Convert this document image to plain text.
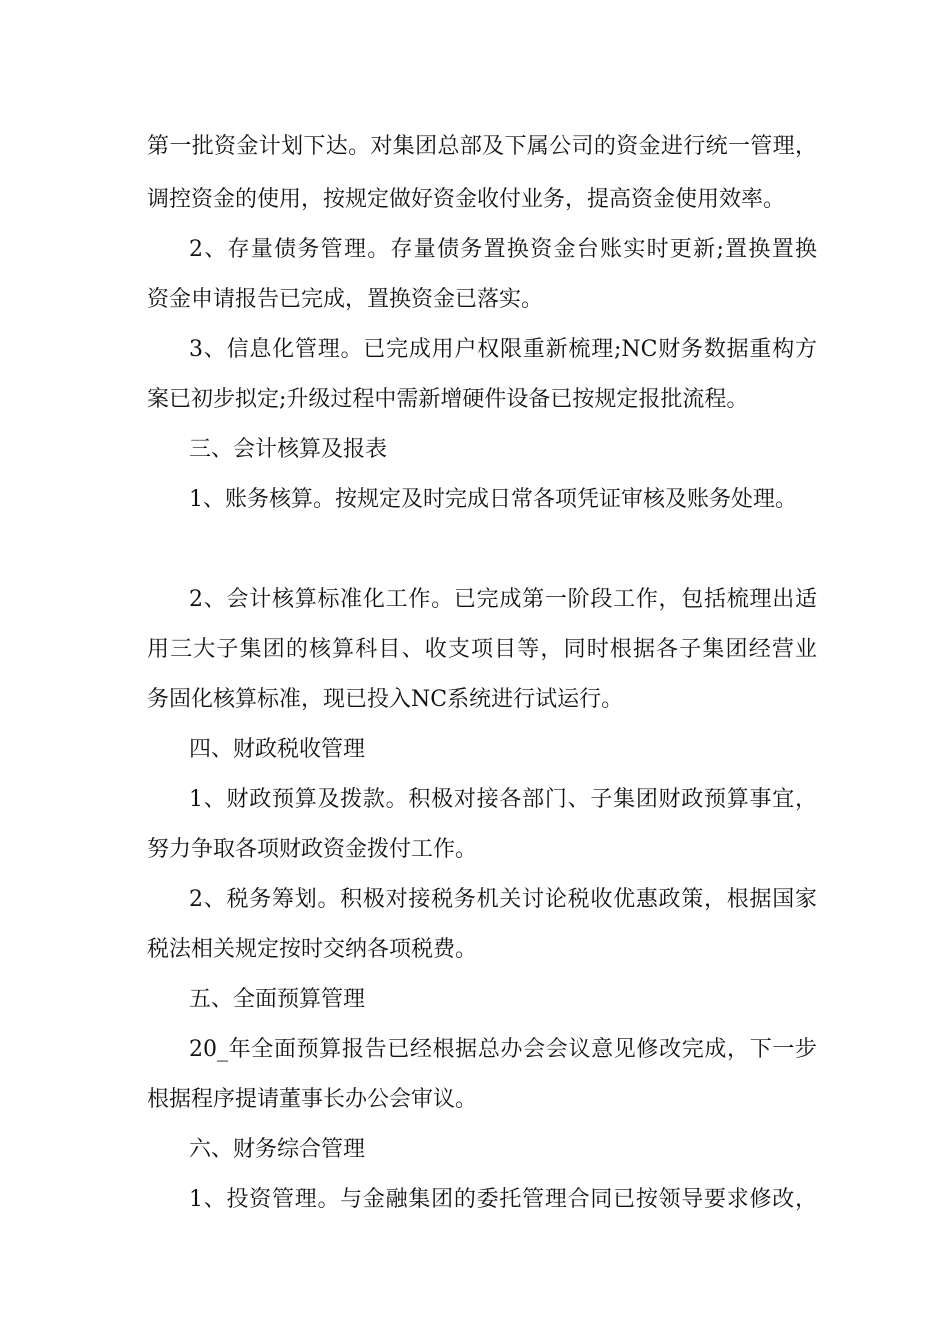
第一批资金计划下达。对集团总部及下属公司的资金进行统一管理，
调控资金的使用，按规定做好资金收付业务，提高资金使用效率。
2、存量债务管理。存量债务置换资金台账实时更新;置换置换
资金申请报告已完成，置换资金已落实。
3、信息化管理。已完成用户权限重新梳理;NC财务数据重构方
案已初步拟定;升级过程中需新增硬件设备已按规定报批流程。
三、会计核算及报表
1、账务核算。按规定及时完成日常各项凭证审核及账务处理。
2、会计核算标准化工作。已完成第一阶段工作，包括梳理出适
用三大子集团的核算科目、收支项目等，同时根据各子集团经营业
务固化核算标准，现已投入NC系统进行试运行。
四、财政税收管理
1、财政预算及拨款。积极对接各部门、子集团财政预算事宜，
努力争取各项财政资金拨付工作。
2、税务筹划。积极对接税务机关讨论税收优惠政策，根据国家
税法相关规定按时交纳各项税费。
五、全面预算管理
20_年全面预算报告已经根据总办会会议意见修改完成，下一步
根据程序提请董事长办公会审议。
六、财务综合管理
1、投资管理。与金融集团的委托管理合同已按领导要求修改，
